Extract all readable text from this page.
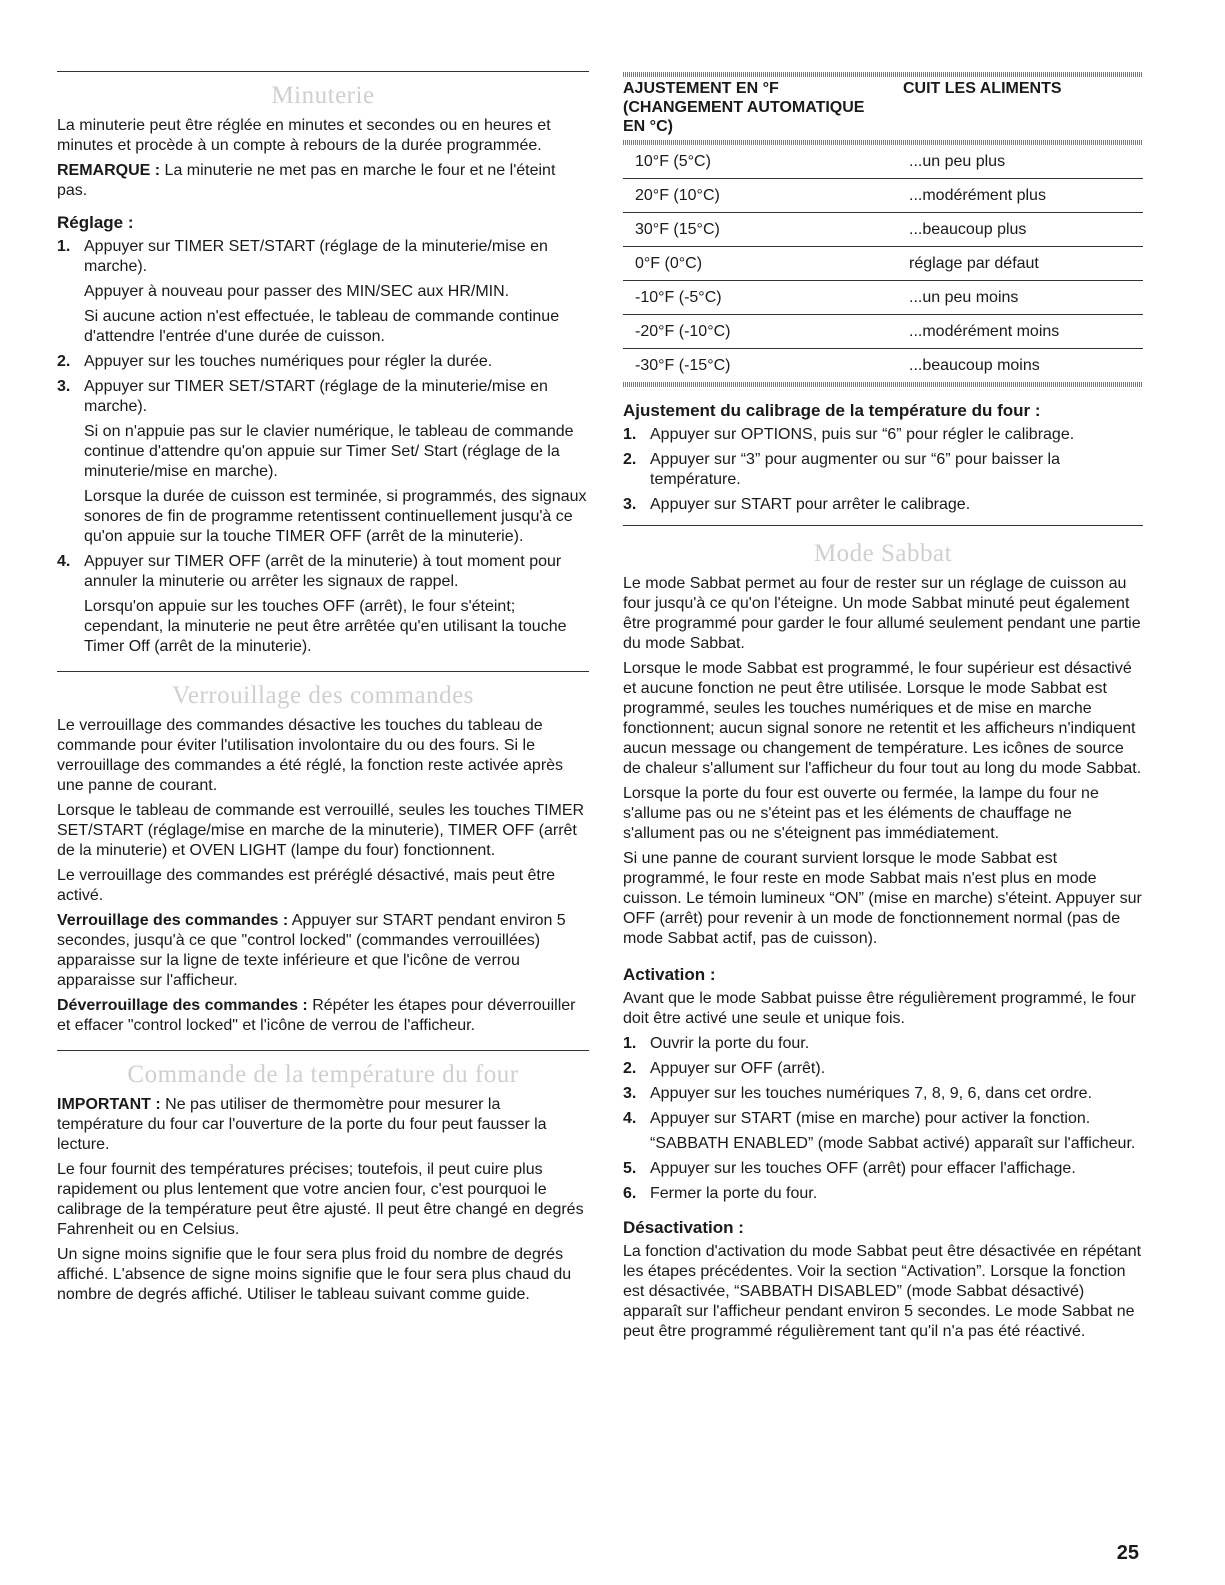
Minuterie

La minuterie peut être réglée en minutes et secondes ou en heures et minutes et procède à un compte à rebours de la durée programmée.

REMARQUE : La minuterie ne met pas en marche le four et ne l'éteint pas.

Réglage :
1. Appuyer sur TIMER SET/START (réglage de la minuterie/mise en marche).

Appuyer à nouveau pour passer des MIN/SEC aux HR/MIN.

Si aucune action n'est effectuée, le tableau de commande continue d'attendre l'entrée d'une durée de cuisson.

2. Appuyer sur les touches numériques pour régler la durée.

3. Appuyer sur TIMER SET/START (réglage de la minuterie/mise en marche).

Si on n'appuie pas sur le clavier numérique, le tableau de commande continue d'attendre qu'on appuie sur Timer Set/ Start (réglage de la minuterie/mise en marche).

Lorsque la durée de cuisson est terminée, si programmés, des signaux sonores de fin de programme retentissent continuellement jusqu'à ce qu'on appuie sur la touche TIMER OFF (arrêt de la minuterie).

4. Appuyer sur TIMER OFF (arrêt de la minuterie) à tout moment pour annuler la minuterie ou arrêter les signaux de rappel.

Lorsqu'on appuie sur les touches OFF (arrêt), le four s'éteint; cependant, la minuterie ne peut être arrêtée qu'en utilisant la touche Timer Off (arrêt de la minuterie).

Verrouillage des commandes

Le verrouillage des commandes désactive les touches du tableau de commande pour éviter l'utilisation involontaire du ou des fours. Si le verrouillage des commandes a été réglé, la fonction reste activée après une panne de courant.

Lorsque le tableau de commande est verrouillé, seules les touches TIMER SET/START (réglage/mise en marche de la minuterie), TIMER OFF (arrêt de la minuterie) et OVEN LIGHT (lampe du four) fonctionnent.

Le verrouillage des commandes est préréglé désactivé, mais peut être activé.

Verrouillage des commandes : Appuyer sur START pendant environ 5 secondes, jusqu'à ce que "control locked" (commandes verrouillées) apparaisse sur la ligne de texte inférieure et que l'icône de verrou apparaisse sur l'afficheur.

Déverrouillage des commandes : Répéter les étapes pour déverrouiller et effacer "control locked" et l'icône de verrou de l'afficheur.

Commande de la température du four

IMPORTANT : Ne pas utiliser de thermomètre pour mesurer la température du four car l'ouverture de la porte du four peut fausser la lecture.

Le four fournit des températures précises; toutefois, il peut cuire plus rapidement ou plus lentement que votre ancien four, c'est pourquoi le calibrage de la température peut être ajusté. Il peut être changé en degrés Fahrenheit ou en Celsius.

Un signe moins signifie que le four sera plus froid du nombre de degrés affiché. L'absence de signe moins signifie que le four sera plus chaud du nombre de degrés affiché. Utiliser le tableau suivant comme guide.

AJUSTEMENT EN °F (CHANGEMENT AUTOMATIQUE EN °C)	CUIT LES ALIMENTS
10°F (5°C)	...un peu plus
20°F (10°C)	...modérément plus
30°F (15°C)	...beaucoup plus
0°F (0°C)	réglage par défaut
-10°F (-5°C)	...un peu moins
-20°F (-10°C)	...modérément moins
-30°F (-15°C)	...beaucoup moins
Ajustement du calibrage de la température du four :
1. Appuyer sur OPTIONS, puis sur “6” pour régler le calibrage.

2. Appuyer sur “3” pour augmenter ou sur “6” pour baisser la température.

3. Appuyer sur START pour arrêter le calibrage.

Mode Sabbat

Le mode Sabbat permet au four de rester sur un réglage de cuisson au four jusqu'à ce qu'on l'éteigne. Un mode Sabbat minuté peut également être programmé pour garder le four allumé seulement pendant une partie du mode Sabbat.

Lorsque le mode Sabbat est programmé, le four supérieur est désactivé et aucune fonction ne peut être utilisée. Lorsque le mode Sabbat est programmé, seules les touches numériques et de mise en marche fonctionnent; aucun signal sonore ne retentit et les afficheurs n'indiquent aucun message ou changement de température. Les icônes de source de chaleur s'allument sur l'afficheur du four tout au long du mode Sabbat.

Lorsque la porte du four est ouverte ou fermée, la lampe du four ne s'allume pas ou ne s'éteint pas et les éléments de chauffage ne s'allument pas ou ne s'éteignent pas immédiatement.

Si une panne de courant survient lorsque le mode Sabbat est programmé, le four reste en mode Sabbat mais n'est plus en mode cuisson. Le témoin lumineux “ON” (mise en marche) s'éteint. Appuyer sur OFF (arrêt) pour revenir à un mode de fonctionnement normal (pas de mode Sabbat actif, pas de cuisson).

Activation :

Avant que le mode Sabbat puisse être régulièrement programmé, le four doit être activé une seule et unique fois.

1. Ouvrir la porte du four.

2. Appuyer sur OFF (arrêt).

3. Appuyer sur les touches numériques 7, 8, 9, 6, dans cet ordre.

4. Appuyer sur START (mise en marche) pour activer la fonction.

“SABBATH ENABLED” (mode Sabbat activé) apparaît sur l'afficheur.

5. Appuyer sur les touches OFF (arrêt) pour effacer l'affichage.

6. Fermer la porte du four.

Désactivation :

La fonction d'activation du mode Sabbat peut être désactivée en répétant les étapes précédentes. Voir la section “Activation”. Lorsque la fonction est désactivée, “SABBATH DISABLED” (mode Sabbat désactivé) apparaît sur l'afficheur pendant environ 5 secondes. Le mode Sabbat ne peut être programmé régulièrement tant qu'il n'a pas été réactivé.

25
